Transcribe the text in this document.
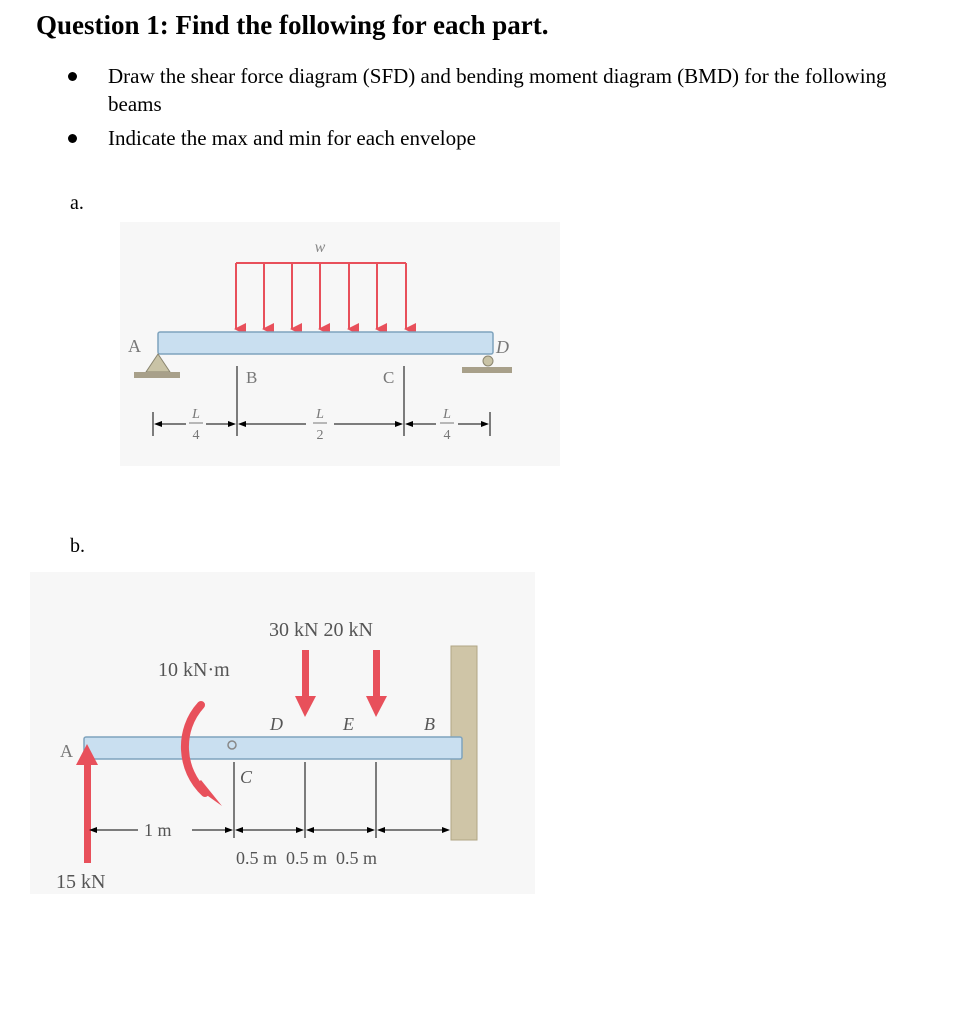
Question 1: Find the following for each part.
Draw the shear force diagram (SFD) and bending moment diagram (BMD) for the following beams
Indicate the max and min for each envelope
a.
w
A	D
B	C
L
4
L
2
L
4
b.
30 kN 20 kN
10 kN·m
D	E	B
A
15 kN
C
1 m
0.5 m  0.5 m  0.5 m
